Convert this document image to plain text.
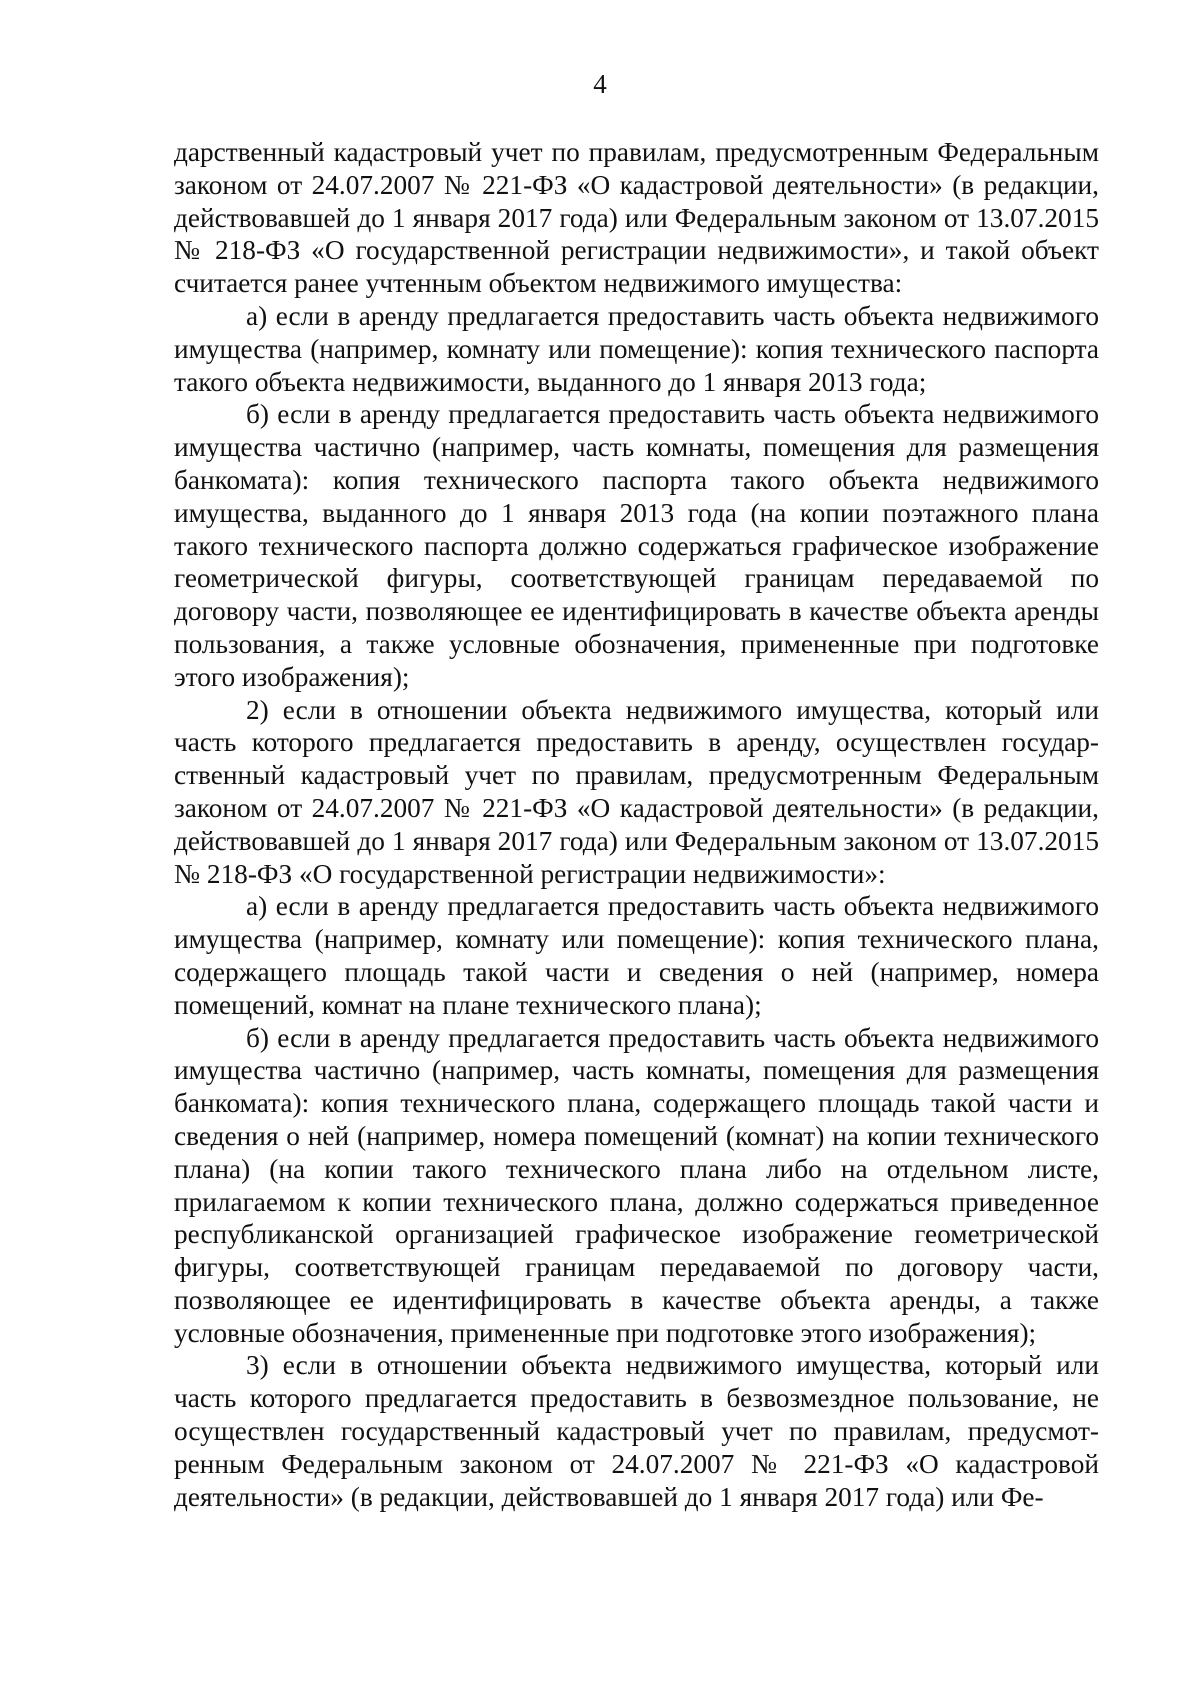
4

дарственный кадастровый учет по правилам, предусмотренным Федеральным законом от 24.07.2007 № 221-ФЗ «О кадастровой деятельности» (в редакции, действовавшей до 1 января 2017 года) или Федеральным законом от 13.07.2015 № 218-ФЗ «О государственной регистрации недвижимости», и такой объект считается ранее учтенным объектом недвижимого имущества:

а) если в аренду предлагается предоставить часть объекта недвижимого имущества (например, комнату или помещение): копия технического паспорта такого объекта недвижимости, выданного до 1 января 2013 года;

б) если в аренду предлагается предоставить часть объекта недвижимого имущества частично (например, часть комнаты, помещения для размещения банкомата): копия технического паспорта такого объекта недвижимого имущества, выданного до 1 января 2013 года (на копии поэтажного плана такого технического паспорта должно содержаться графическое изображение геометрической фигуры, соответствующей границам передаваемой по договору части, позволяющее ее идентифицировать в качестве объекта аренды пользования, а также условные обозначения, примененные при подготовке этого изображения);

2) если в отношении объекта недвижимого имущества, который или часть которого предлагается предоставить в аренду, осуществлен государственный кадастровый учет по правилам, предусмотренным Федеральным законом от 24.07.2007 № 221-ФЗ «О кадастровой деятельности» (в редакции, действовавшей до 1 января 2017 года) или Федеральным законом от 13.07.2015 № 218-ФЗ «О государственной регистрации недвижимости»:

а) если в аренду предлагается предоставить часть объекта недвижимого имущества (например, комнату или помещение): копия технического плана, содержащего площадь такой части и сведения о ней (например, номера помещений, комнат на плане технического плана);

б) если в аренду предлагается предоставить часть объекта недвижимого имущества частично (например, часть комнаты, помещения для размещения банкомата): копия технического плана, содержащего площадь такой части и сведения о ней (например, номера помещений (комнат) на копии технического плана) (на копии такого технического плана либо на отдельном листе, прилагаемом к копии технического плана, должно содержаться приведенное республиканской организацией графическое изображение геометрической фигуры, соответствующей границам передаваемой по договору части, позволяющее ее идентифицировать в качестве объекта аренды, а также условные обозначения, примененные при подготовке этого изображения);

3) если в отношении объекта недвижимого имущества, который или часть которого предлагается предоставить в безвозмездное пользование, не осуществлен государственный кадастровый учет по правилам, предусмотренным Федеральным законом от 24.07.2007 № 221-ФЗ «О кадастровой деятельности» (в редакции, действовавшей до 1 января 2017 года) или Фе-
